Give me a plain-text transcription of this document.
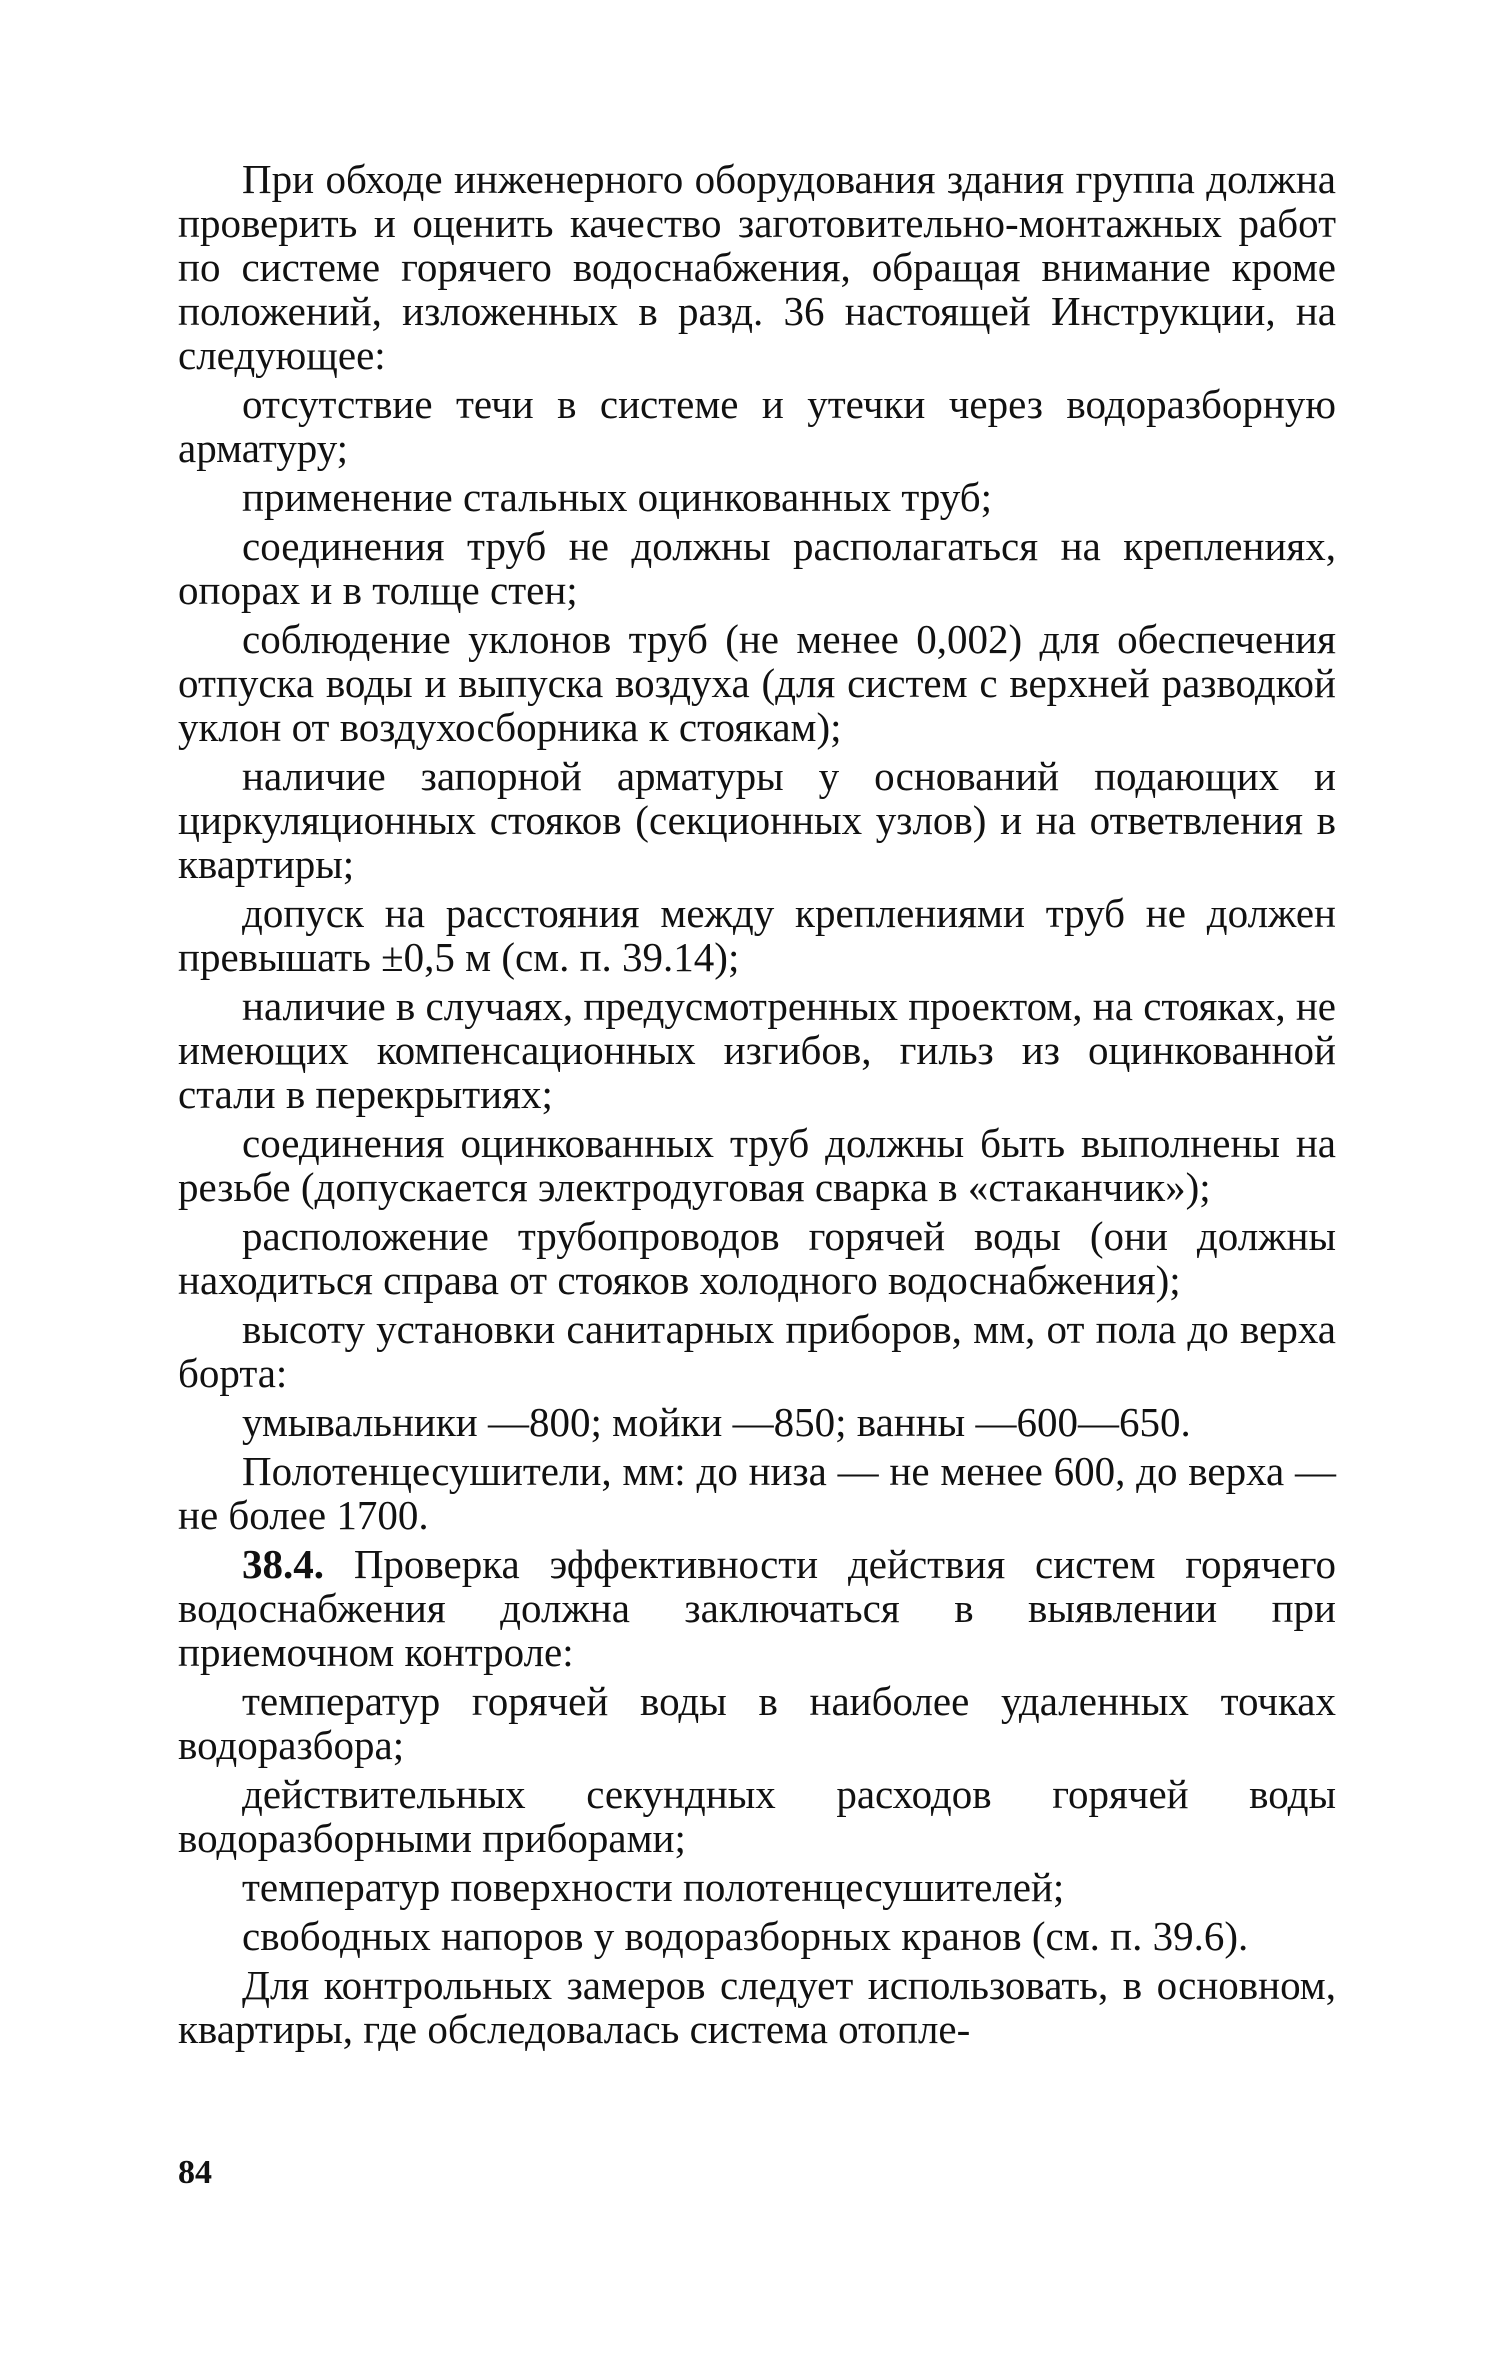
При обходе инженерного оборудования здания группа должна проверить и оценить качество заготовительно-монтажных работ по системе горячего водоснабжения, обращая внимание кроме положений, изложенных в разд. 36 настоящей Инструкции, на следующее:

отсутствие течи в системе и утечки через водоразборную арматуру;

применение стальных оцинкованных труб;

соединения труб не должны располагаться на креплениях, опорах и в толще стен;

соблюдение уклонов труб (не менее 0,002) для обеспечения отпуска воды и выпуска воздуха (для систем с верхней разводкой уклон от воздухосборника к стоякам);

наличие запорной арматуры у оснований подающих и циркуляционных стояков (секционных узлов) и на ответвления в квартиры;

допуск на расстояния между креплениями труб не должен превышать ±0,5 м (см. п. 39.14);

наличие в случаях, предусмотренных проектом, на стояках, не имеющих компенсационных изгибов, гильз из оцинкованной стали в перекрытиях;

соединения оцинкованных труб должны быть выполнены на резьбе (допускается электродуговая сварка в «стаканчик»);

расположение трубопроводов горячей воды (они должны находиться справа от стояков холодного водоснабжения);

высоту установки санитарных приборов, мм, от пола до верха борта:

умывальники —800; мойки —850; ванны —600—650.

Полотенцесушители, мм: до низа — не менее 600, до верха — не более 1700.

38.4. Проверка эффективности действия систем горячего водоснабжения должна заключаться в выявлении при приемочном контроле:

температур горячей воды в наиболее удаленных точках водоразбора;

действительных секундных расходов горячей воды водоразборными приборами;

температур поверхности полотенцесушителей;

свободных напоров у водоразборных кранов (см. п. 39.6).

Для контрольных замеров следует использовать, в основном, квартиры, где обследовалась система отопле-

84
